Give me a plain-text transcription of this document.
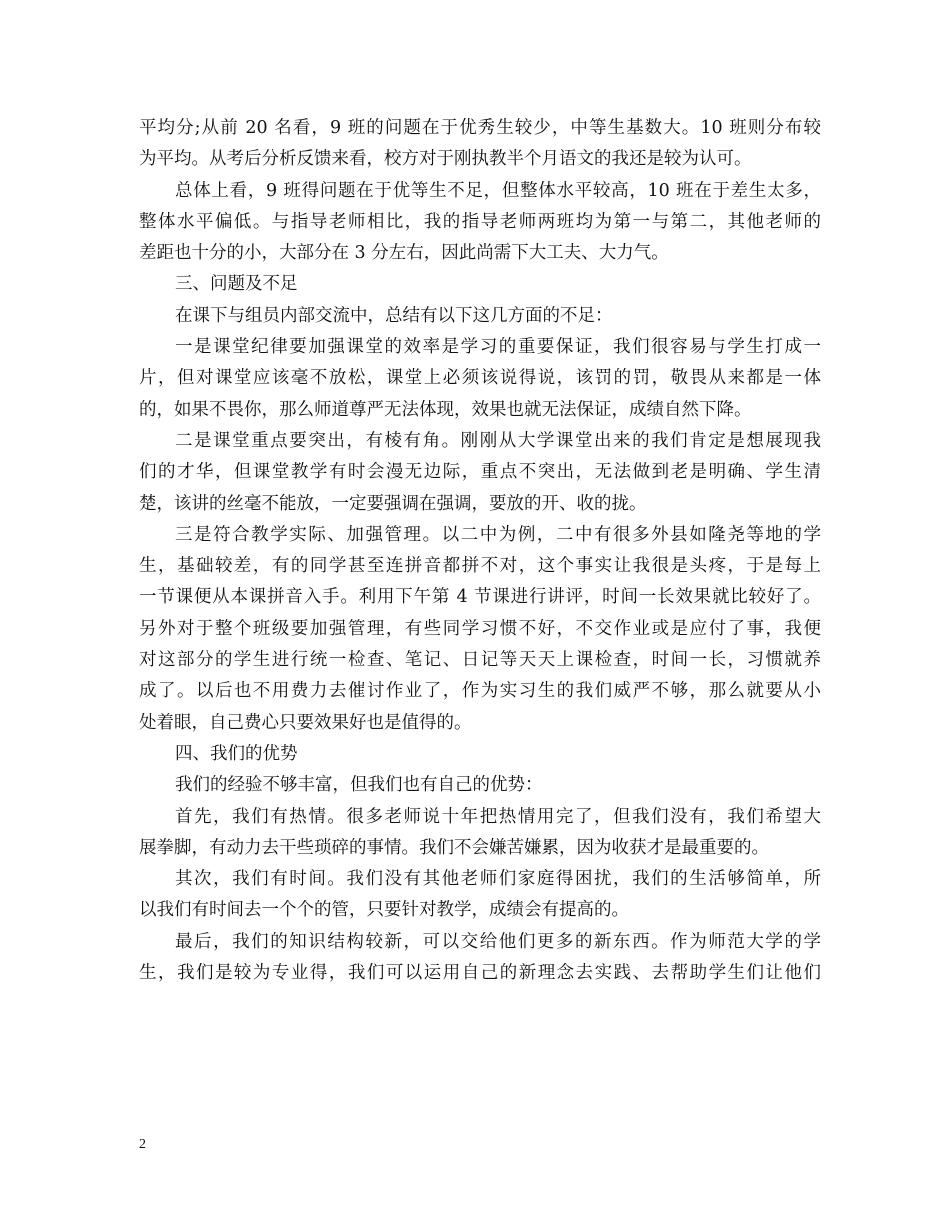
平均分;从前 20 名看，9 班的问题在于优秀生较少，中等生基数大。10 班则分布较
为平均。从考后分析反馈来看，校方对于刚执教半个月语文的我还是较为认可。
总体上看，9 班得问题在于优等生不足，但整体水平较高，10 班在于差生太多，
整体水平偏低。与指导老师相比，我的指导老师两班均为第一与第二，其他老师的
差距也十分的小，大部分在 3 分左右，因此尚需下大工夫、大力气。
三、问题及不足
在课下与组员内部交流中，总结有以下这几方面的不足：
一是课堂纪律要加强课堂的效率是学习的重要保证，我们很容易与学生打成一
片，但对课堂应该毫不放松，课堂上必须该说得说，该罚的罚，敬畏从来都是一体
的，如果不畏你，那么师道尊严无法体现，效果也就无法保证，成绩自然下降。
二是课堂重点要突出，有棱有角。刚刚从大学课堂出来的我们肯定是想展现我
们的才华，但课堂教学有时会漫无边际，重点不突出，无法做到老是明确、学生清
楚，该讲的丝毫不能放，一定要强调在强调，要放的开、收的拢。
三是符合教学实际、加强管理。以二中为例，二中有很多外县如隆尧等地的学
生，基础较差，有的同学甚至连拼音都拼不对，这个事实让我很是头疼，于是每上
一节课便从本课拼音入手。利用下午第 4 节课进行讲评，时间一长效果就比较好了。
另外对于整个班级要加强管理，有些同学习惯不好，不交作业或是应付了事，我便
对这部分的学生进行统一检查、笔记、日记等天天上课检查，时间一长，习惯就养
成了。以后也不用费力去催讨作业了，作为实习生的我们威严不够，那么就要从小
处着眼，自己费心只要效果好也是值得的。
四、我们的优势
我们的经验不够丰富，但我们也有自己的优势：
首先，我们有热情。很多老师说十年把热情用完了，但我们没有，我们希望大
展拳脚，有动力去干些琐碎的事情。我们不会嫌苦嫌累，因为收获才是最重要的。
其次，我们有时间。我们没有其他老师们家庭得困扰，我们的生活够简单，所
以我们有时间去一个个的管，只要针对教学，成绩会有提高的。
最后，我们的知识结构较新，可以交给他们更多的新东西。作为师范大学的学
生，我们是较为专业得，我们可以运用自己的新理念去实践、去帮助学生们让他们
2
